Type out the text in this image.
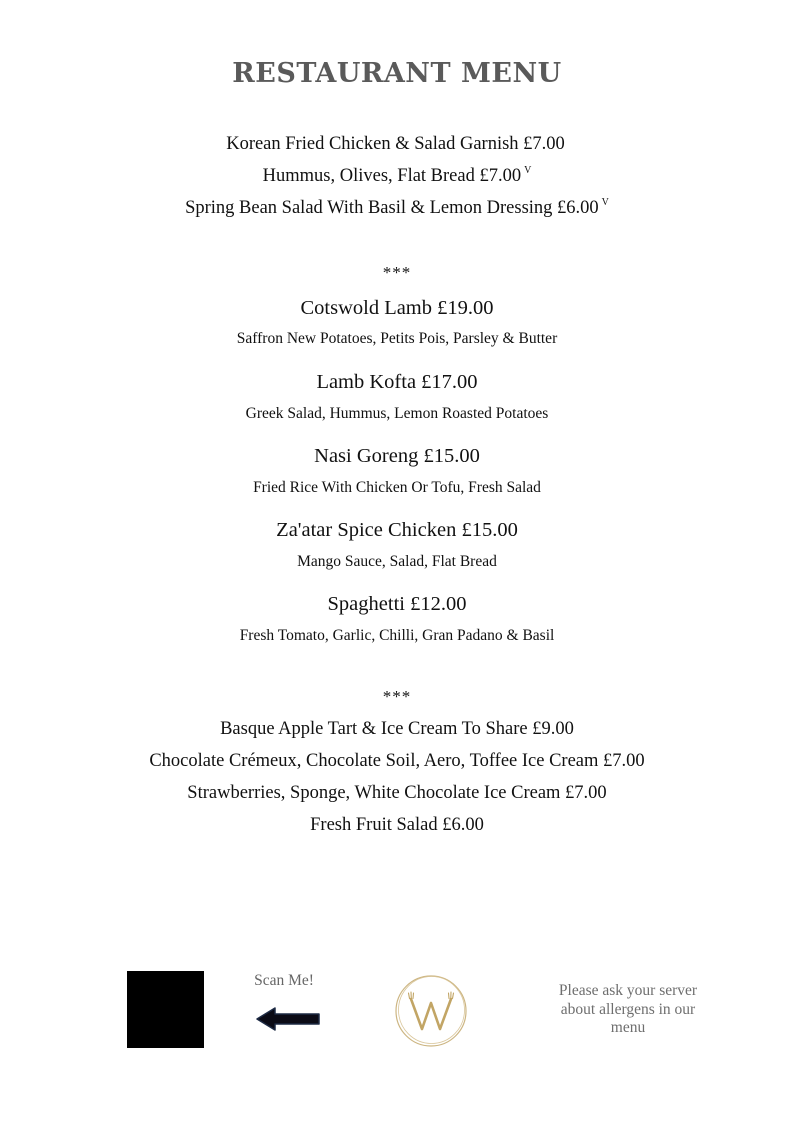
RESTAURANT MENU
Korean Fried Chicken & Salad Garnish £7.00
Hummus, Olives, Flat Bread £7.00 $^V$
Spring Bean Salad With Basil & Lemon Dressing £6.00 $^V$
***
Cotswold Lamb £19.00
Saffron New Potatoes, Petits Pois, Parsley & Butter
Lamb Kofta £17.00
Greek Salad, Hummus, Lemon Roasted Potatoes
Nasi Goreng £15.00
Fried Rice With Chicken Or Tofu, Fresh Salad
Za'atar Spice Chicken £15.00
Mango Sauce, Salad, Flat Bread
Spaghetti £12.00
Fresh Tomato, Garlic, Chilli, Gran Padano & Basil
***
Basque Apple Tart & Ice Cream To Share £9.00
Chocolate Crémeux, Chocolate Soil, Aero, Toffee Ice Cream £7.00
Strawberries, Sponge, White Chocolate Ice Cream £7.00
Fresh Fruit Salad £6.00
Scan Me!
Please ask your server about allergens in our menu
